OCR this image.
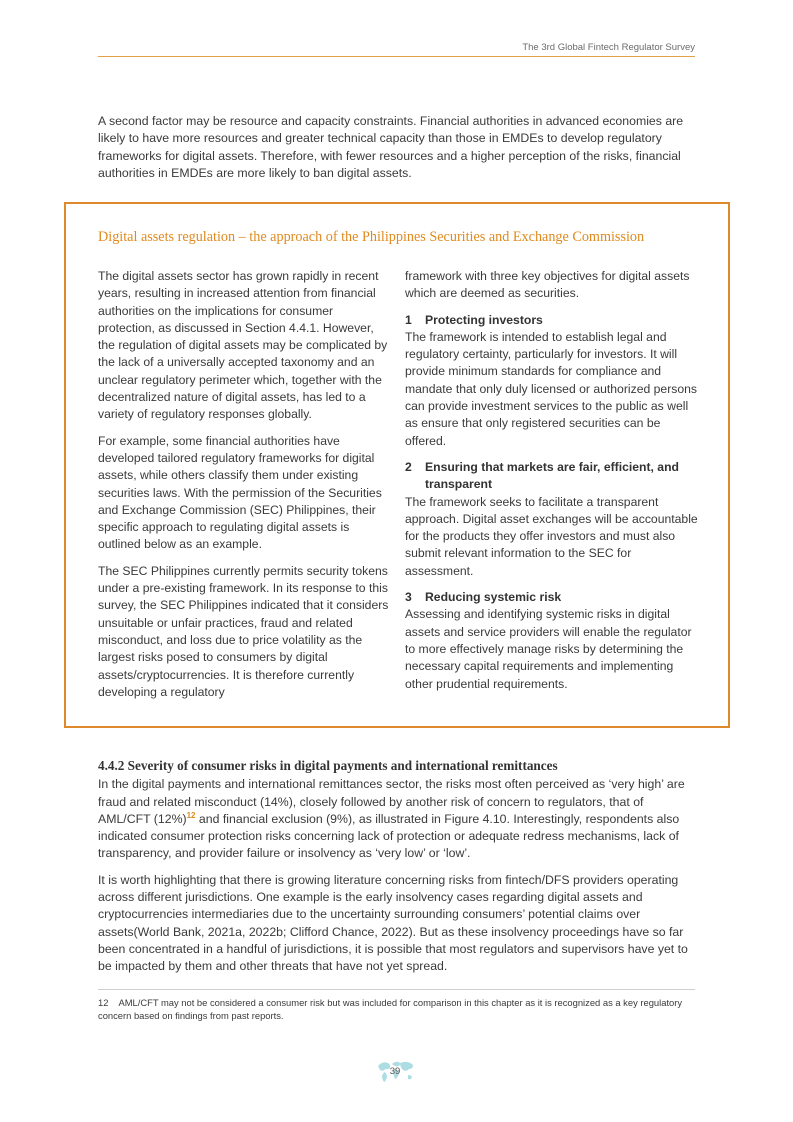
The 3rd Global Fintech Regulator Survey

A second factor may be resource and capacity constraints. Financial authorities in advanced economies are likely to have more resources and greater technical capacity than those in EMDEs to develop regulatory frameworks for digital assets. Therefore, with fewer resources and a higher perception of the risks, financial authorities in EMDEs are more likely to ban digital assets.

Digital assets regulation – the approach of the Philippines Securities and Exchange Commission

The digital assets sector has grown rapidly in recent years, resulting in increased attention from financial authorities on the implications for consumer protection, as discussed in Section 4.4.1. However, the regulation of digital assets may be complicated by the lack of a universally accepted taxonomy and an unclear regulatory perimeter which, together with the decentralized nature of digital assets, has led to a variety of regulatory responses globally.

For example, some financial authorities have developed tailored regulatory frameworks for digital assets, while others classify them under existing securities laws. With the permission of the Securities and Exchange Commission (SEC) Philippines, their specific approach to regulating digital assets is outlined below as an example.

The SEC Philippines currently permits security tokens under a pre-existing framework. In its response to this survey, the SEC Philippines indicated that it considers unsuitable or unfair practices, fraud and related misconduct, and loss due to price volatility as the largest risks posed to consumers by digital assets/cryptocurrencies. It is therefore currently developing a regulatory

framework with three key objectives for digital assets which are deemed as securities.

1	Protecting investors
The framework is intended to establish legal and regulatory certainty, particularly for investors. It will provide minimum standards for compliance and mandate that only duly licensed or authorized persons can provide investment services to the public as well as ensure that only registered securities can be offered.
2	Ensuring that markets are fair, efficient, and transparent
The framework seeks to facilitate a transparent approach. Digital asset exchanges will be accountable for the products they offer investors and must also submit relevant information to the SEC for assessment.
3	Reducing systemic risk
Assessing and identifying systemic risks in digital assets and service providers will enable the regulator to more effectively manage risks by determining the necessary capital requirements and implementing other prudential requirements.
4.4.2 Severity of consumer risks in digital payments and international remittances

In the digital payments and international remittances sector, the risks most often perceived as ‘very high’ are fraud and related misconduct (14%), closely followed by another risk of concern to regulators, that of AML/CFT (12%)$^{12}$ and financial exclusion (9%), as illustrated in Figure 4.10. Interestingly, respondents also indicated consumer protection risks concerning lack of protection or adequate redress mechanisms, lack of transparency, and provider failure or insolvency as ‘very low’ or ‘low’.

It is worth highlighting that there is growing literature concerning risks from fintech/DFS providers operating across different jurisdictions. One example is the early insolvency cases regarding digital assets and cryptocurrencies intermediaries due to the uncertainty surrounding consumers’ potential claims over assets(World Bank, 2021a, 2022b; Clifford Chance, 2022). But as these insolvency proceedings have so far been concentrated in a handful of jurisdictions, it is possible that most regulators and supervisors have yet to be impacted by them and other threats that have not yet spread.

12 AML/CFT may not be considered a consumer risk but was included for comparison in this chapter as it is recognized as a key regulatory concern based on findings from past reports.
39
